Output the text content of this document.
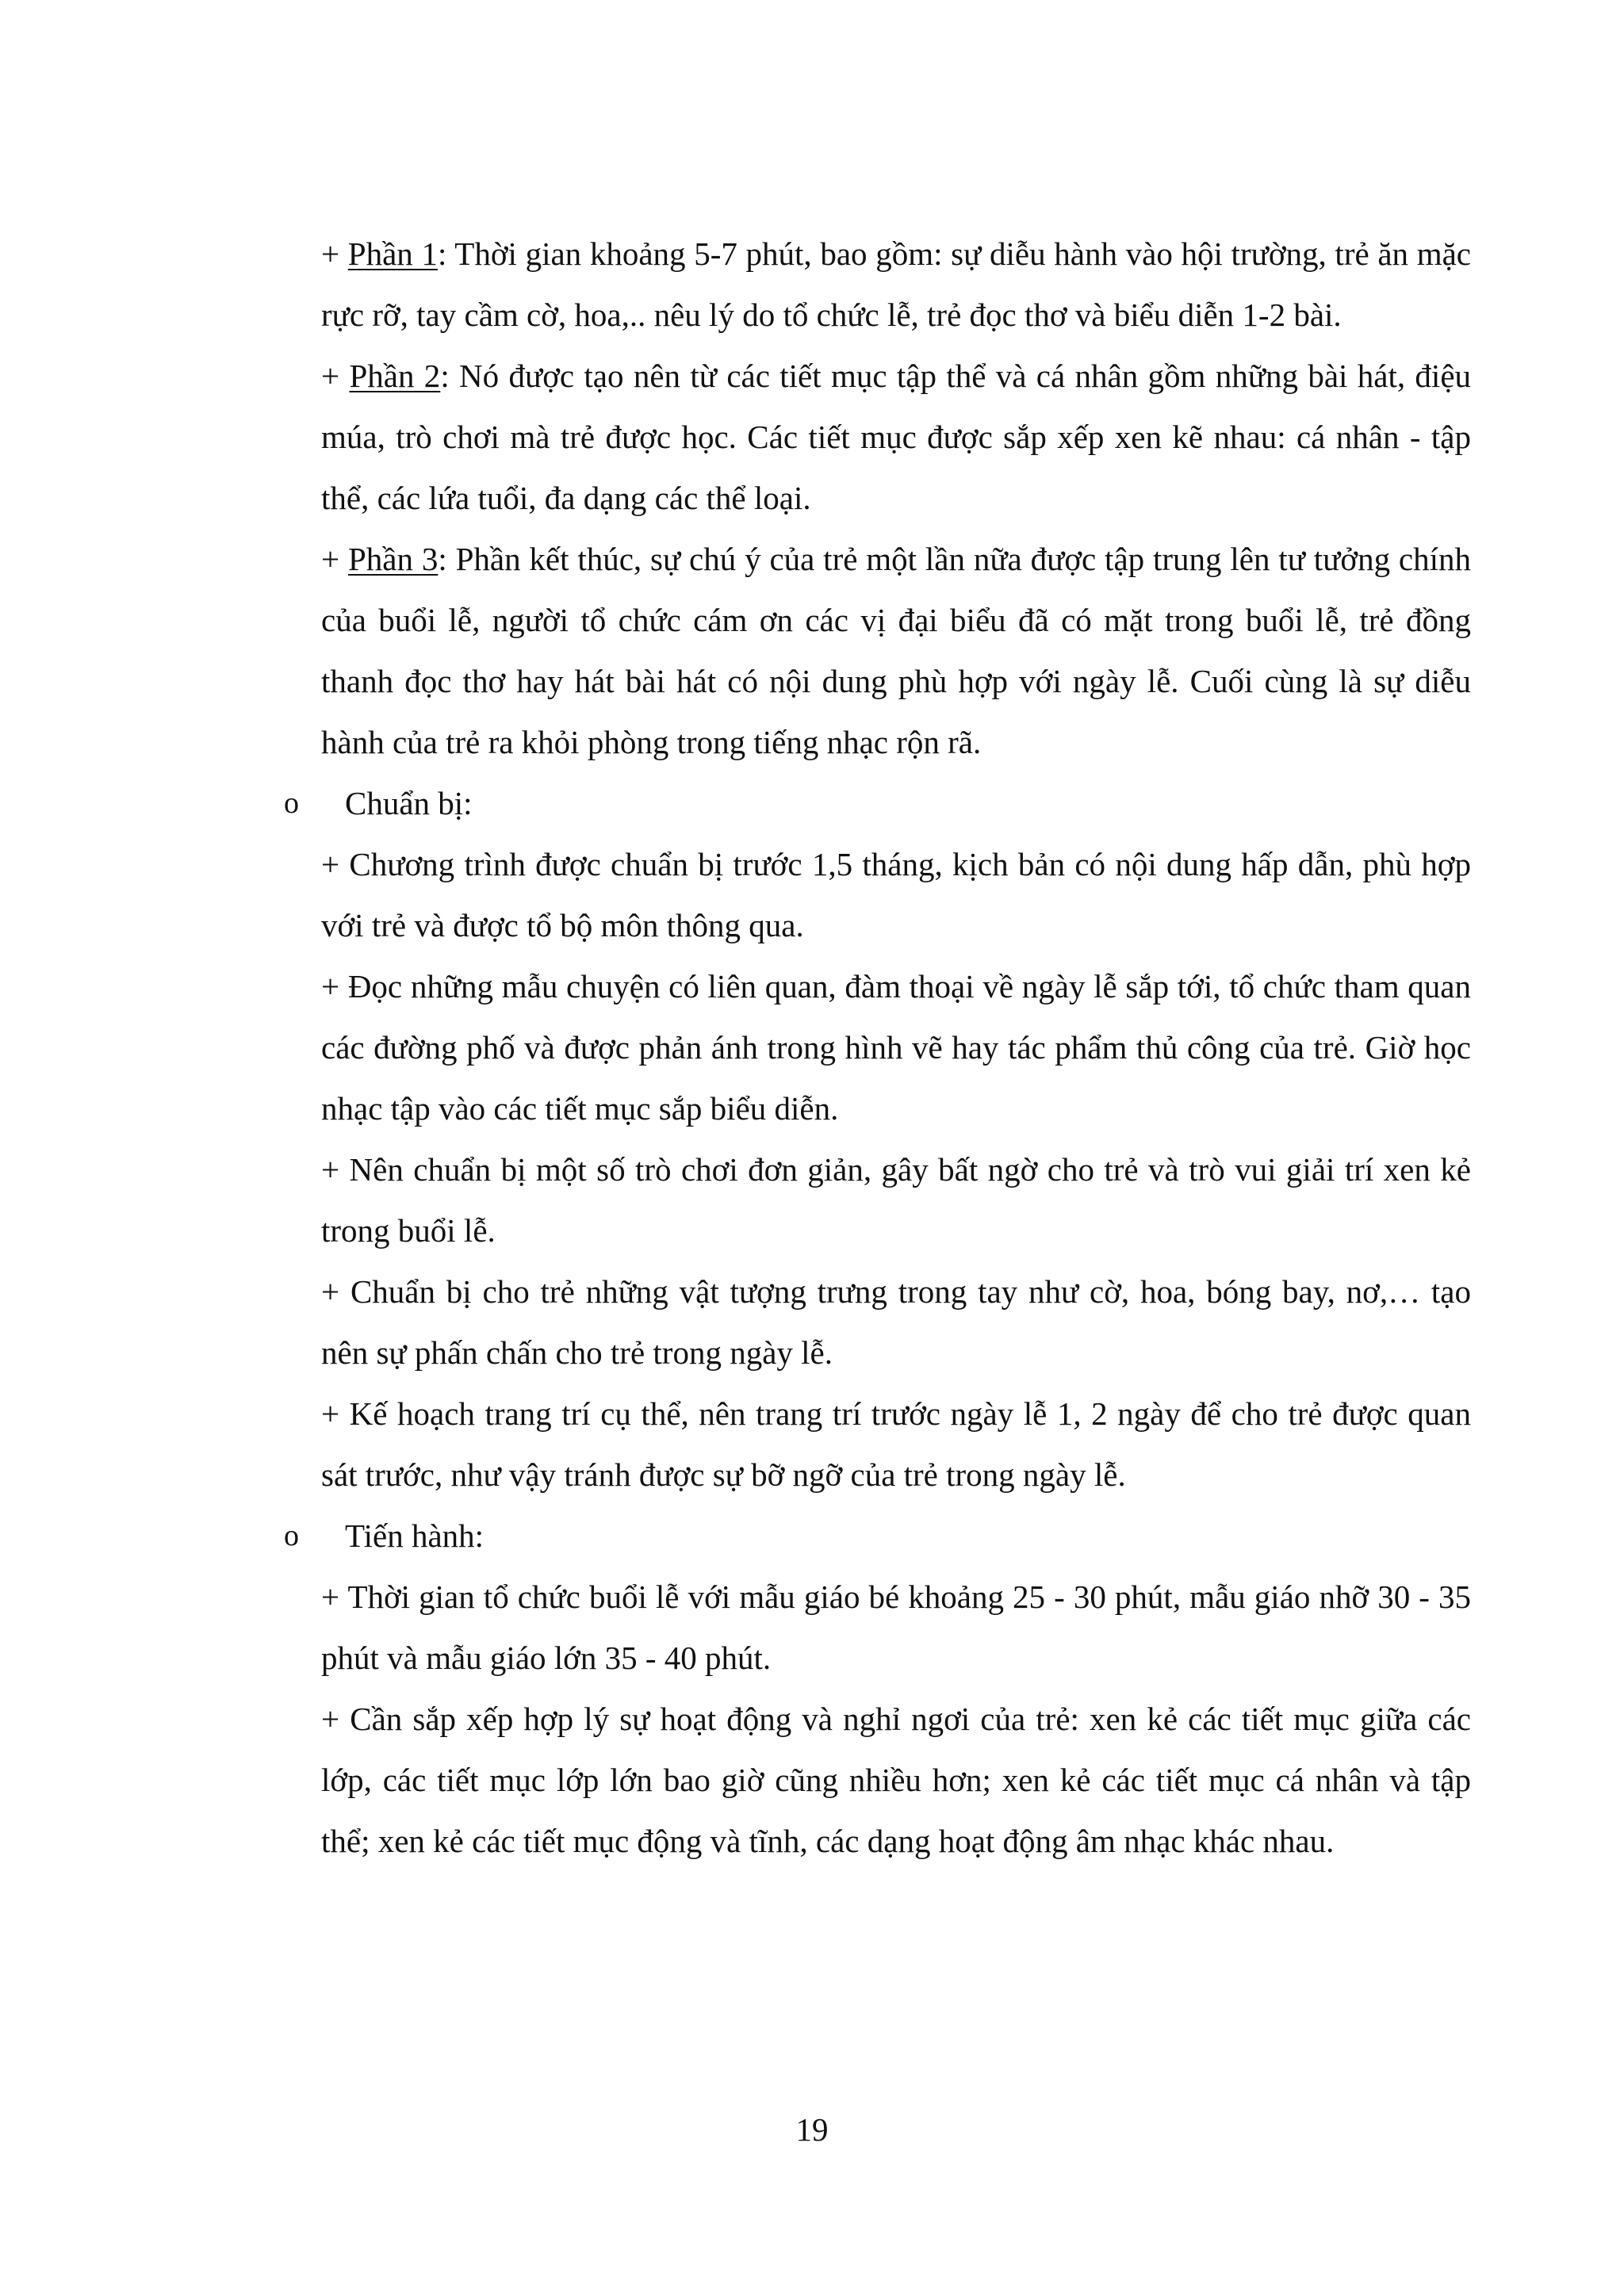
+ Phần 1: Thời gian khoảng 5-7 phút, bao gồm: sự diễu hành vào hội trường, trẻ ăn mặc rực rỡ, tay cầm cờ, hoa,.. nêu lý do tổ chức lễ, trẻ đọc thơ và biểu diễn 1-2 bài.

+ Phần 2: Nó được tạo nên từ các tiết mục tập thể và cá nhân gồm những bài hát, điệu múa, trò chơi mà trẻ được học. Các tiết mục được sắp xếp xen kẽ nhau: cá nhân - tập thể, các lứa tuổi, đa dạng các thể loại.

+ Phần 3: Phần kết thúc, sự chú ý của trẻ một lần nữa được tập trung lên tư tưởng chính của buổi lễ, người tổ chức cám ơn các vị đại biểu đã có mặt trong buổi lễ, trẻ đồng thanh đọc thơ hay hát bài hát có nội dung phù hợp với ngày lễ. Cuối cùng là sự diễu hành của trẻ ra khỏi phòng trong tiếng nhạc rộn rã.

o Chuẩn bị:

+ Chương trình được chuẩn bị trước 1,5 tháng, kịch bản có nội dung hấp dẫn, phù hợp với trẻ và được tổ bộ môn thông qua.

+ Đọc những mẫu chuyện có liên quan, đàm thoại về ngày lễ sắp tới, tổ chức tham quan các đường phố và được phản ánh trong hình vẽ hay tác phẩm thủ công của trẻ. Giờ học nhạc tập vào các tiết mục sắp biểu diễn.

+ Nên chuẩn bị một số trò chơi đơn giản, gây bất ngờ cho trẻ và trò vui giải trí xen kẻ trong buổi lễ.

+ Chuẩn bị cho trẻ những vật tượng trưng trong tay như cờ, hoa, bóng bay, nơ,… tạo nên sự phấn chấn cho trẻ trong ngày lễ.

+ Kế hoạch trang trí cụ thể, nên trang trí trước ngày lễ 1, 2 ngày để cho trẻ được quan sát trước, như vậy tránh được sự bỡ ngỡ của trẻ trong ngày lễ.

o Tiến hành:

+ Thời gian tổ chức buổi lễ với mẫu giáo bé khoảng 25 - 30 phút, mẫu giáo nhỡ 30 - 35 phút và mẫu giáo lớn 35 - 40 phút.

+ Cần sắp xếp hợp lý sự hoạt động và nghỉ ngơi của trẻ: xen kẻ các tiết mục giữa các lớp, các tiết mục lớp lớn bao giờ cũng nhiều hơn; xen kẻ các tiết mục cá nhân và tập thể; xen kẻ các tiết mục động và tĩnh, các dạng hoạt động âm nhạc khác nhau.

19
